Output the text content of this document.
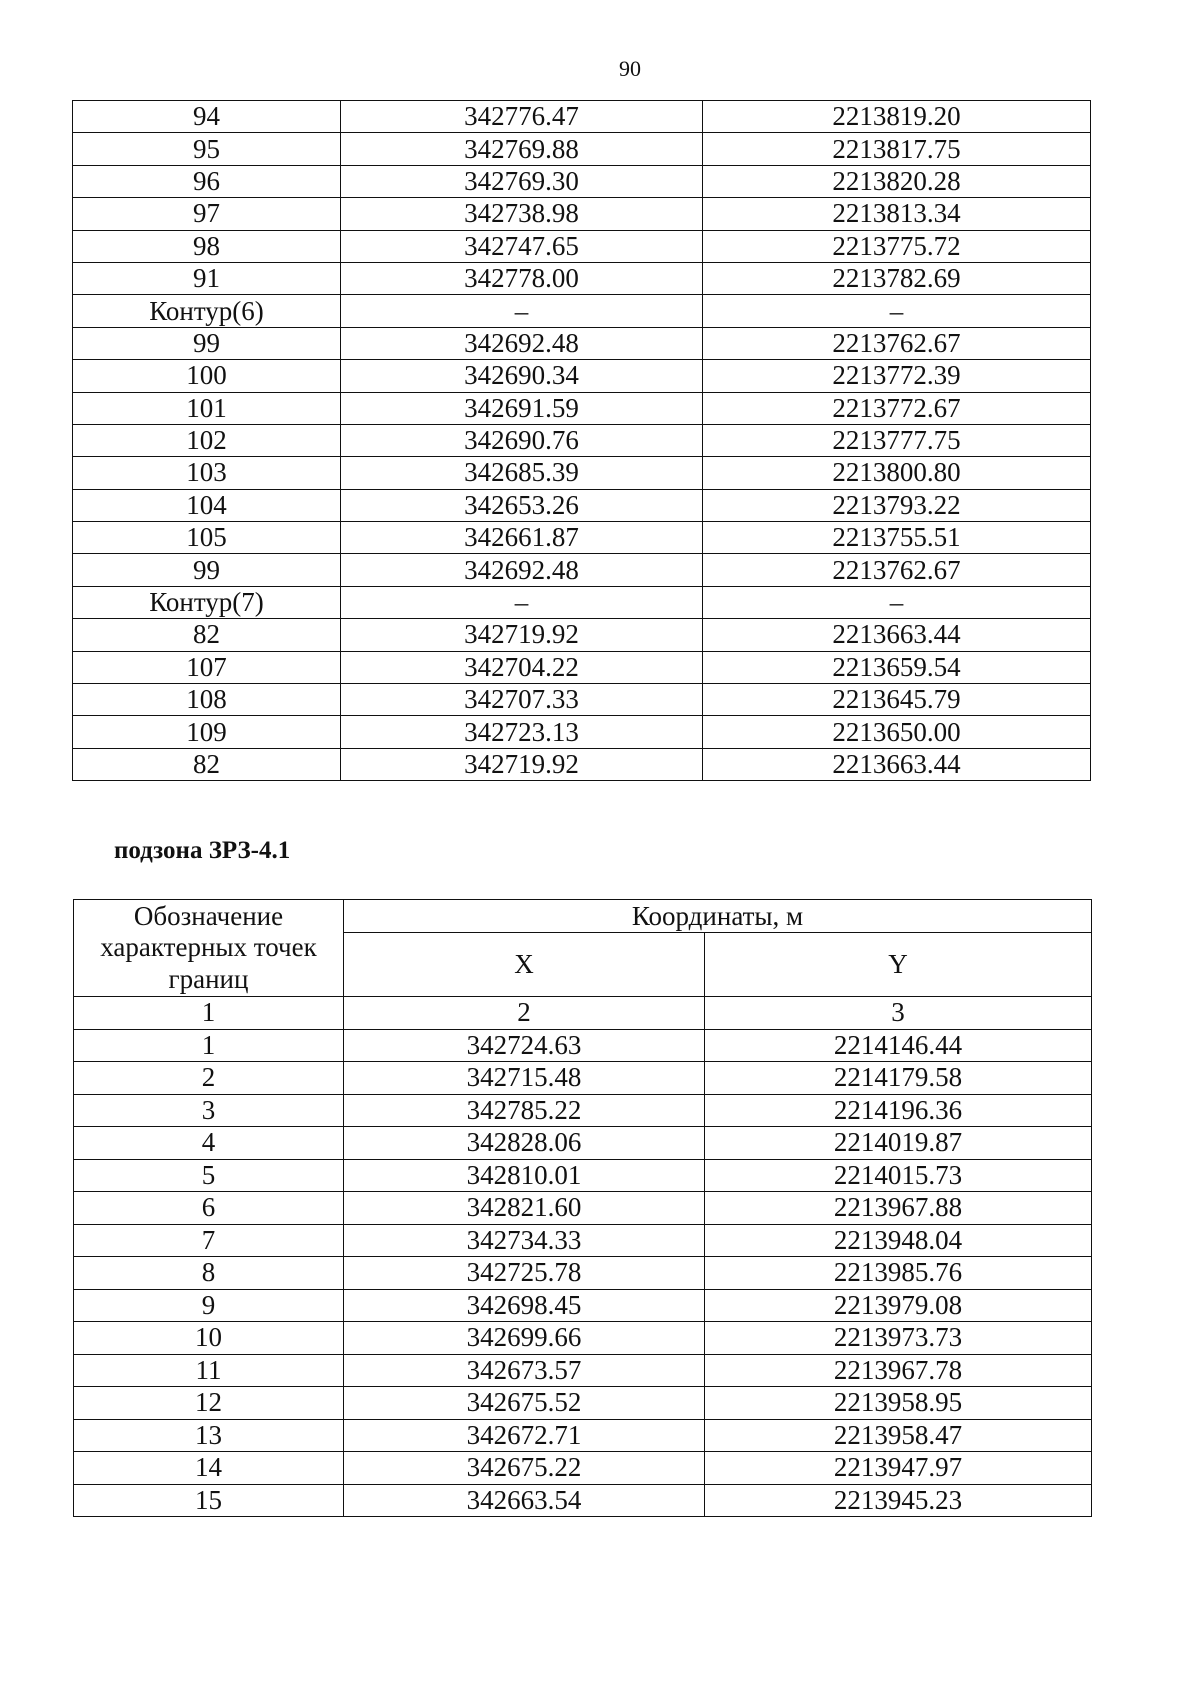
90
94	342776.47	2213819.20
95	342769.88	2213817.75
96	342769.30	2213820.28
97	342738.98	2213813.34
98	342747.65	2213775.72
91	342778.00	2213782.69
Контур(6)	–	–
99	342692.48	2213762.67
100	342690.34	2213772.39
101	342691.59	2213772.67
102	342690.76	2213777.75
103	342685.39	2213800.80
104	342653.26	2213793.22
105	342661.87	2213755.51
99	342692.48	2213762.67
Контур(7)	–	–
82	342719.92	2213663.44
107	342704.22	2213659.54
108	342707.33	2213645.79
109	342723.13	2213650.00
82	342719.92	2213663.44
подзона ЗРЗ-4.1
Обозначение характерных точек границ	Координаты, м	
	X	Y
1	2	3
1	342724.63	2214146.44
2	342715.48	2214179.58
3	342785.22	2214196.36
4	342828.06	2214019.87
5	342810.01	2214015.73
6	342821.60	2213967.88
7	342734.33	2213948.04
8	342725.78	2213985.76
9	342698.45	2213979.08
10	342699.66	2213973.73
11	342673.57	2213967.78
12	342675.52	2213958.95
13	342672.71	2213958.47
14	342675.22	2213947.97
15	342663.54	2213945.23
